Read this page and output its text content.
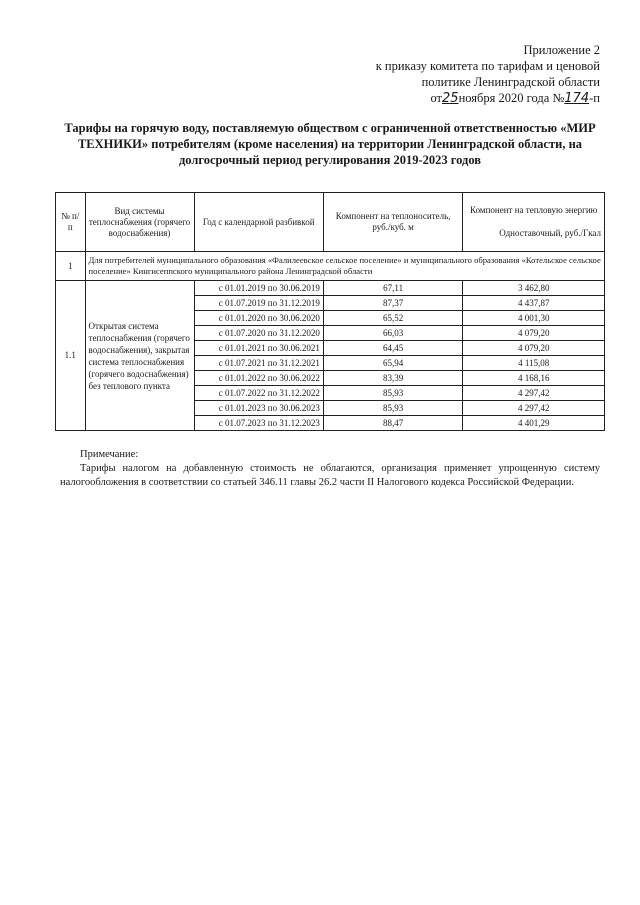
Приложение 2
к приказу комитета по тарифам и ценовой
политике Ленинградской области
от25ноября 2020 года №174-п
Тарифы на горячую воду, поставляемую обществом с ограниченной ответственностью «МИР ТЕХНИКИ» потребителям (кроме населения) на территории Ленинградской области, на долгосрочный период регулирования 2019-2023 годов
№ п/п	Вид системы теплоснабжения (горячего водоснабжения)	Год с календарной разбивкой	Компонент на теплоноситель, руб./куб. м	Компонент на тепловую энергию
Одноставочный, руб./Гкал

1	Для потребителей муниципального образования «Фалилеевское сельское поселение» и муниципального образования «Котельское сельское поселение» Кингисеппского муниципального района Ленинградской области			
1.1	Открытая система теплоснабжения (горячего водоснабжения), закрытая система теплоснабжения (горячего водоснабжения) без теплового пункта	с 01.01.2019 по 30.06.2019	67,11	3 462,80
		с 01.07.2019 по 31.12.2019	87,37	4 437,87
		с 01.01.2020 по 30.06.2020	65,52	4 001,30
		с 01.07.2020 по 31.12.2020	66,03	4 079,20
		с 01.01.2021 по 30.06.2021	64,45	4 079,20
		с 01.07.2021 по 31.12.2021	65,94	4 115,08
		с 01.01.2022 по 30.06.2022	83,39	4 168,16
		с 01.07.2022 по 31.12.2022	85,93	4 297,42
		с 01.01.2023 по 30.06.2023	85,93	4 297,42
		с 01.07.2023 по 31.12.2023	88,47	4 401,29
Примечание:
Тарифы налогом на добавленную стоимость не облагаются, организация применяет упрощенную систему налогообложения в соответствии со статьей 346.11 главы 26.2 части II Налогового кодекса Российской Федерации.
